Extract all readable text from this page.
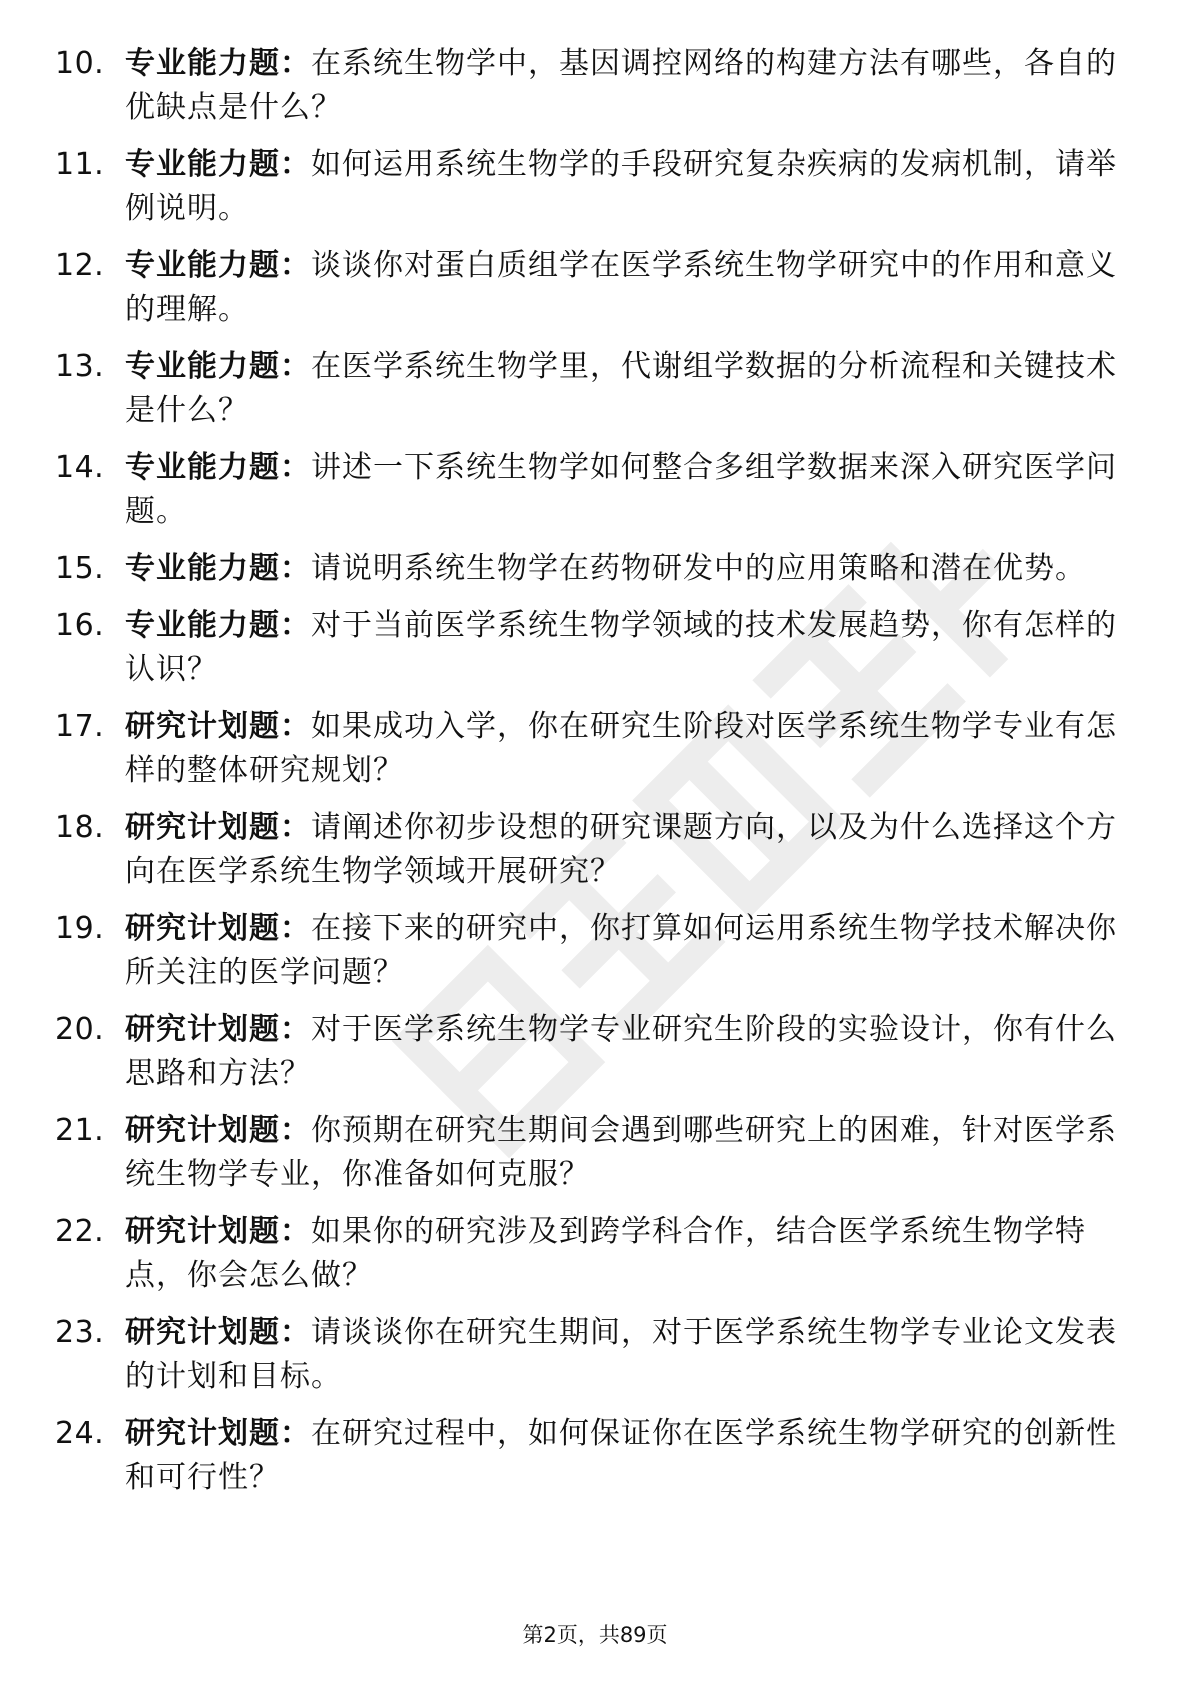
10. 专业能力题：在系统生物学中，基因调控网络的构建方法有哪些，各自的优缺点是什么？
11. 专业能力题：如何运用系统生物学的手段研究复杂疾病的发病机制，请举例说明。
12. 专业能力题：谈谈你对蛋白质组学在医学系统生物学研究中的作用和意义的理解。
13. 专业能力题：在医学系统生物学里，代谢组学数据的分析流程和关键技术是什么？
14. 专业能力题：讲述一下系统生物学如何整合多组学数据来深入研究医学问题。
15. 专业能力题：请说明系统生物学在药物研发中的应用策略和潜在优势。
16. 专业能力题：对于当前医学系统生物学领域的技术发展趋势，你有怎样的认识？
17. 研究计划题：如果成功入学，你在研究生阶段对医学系统生物学专业有怎样的整体研究规划？
18. 研究计划题：请阐述你初步设想的研究课题方向，以及为什么选择这个方向在医学系统生物学领域开展研究？
19. 研究计划题：在接下来的研究中，你打算如何运用系统生物学技术解决你所关注的医学问题？
20. 研究计划题：对于医学系统生物学专业研究生阶段的实验设计，你有什么思路和方法？
21. 研究计划题：你预期在研究生期间会遇到哪些研究上的困难，针对医学系统生物学专业，你准备如何克服？
22. 研究计划题：如果你的研究涉及到跨学科合作，结合医学系统生物学特点，你会怎么做？
23. 研究计划题：请谈谈你在研究生期间，对于医学系统生物学专业论文发表的计划和目标。
24. 研究计划题：在研究过程中，如何保证你在医学系统生物学研究的创新性和可行性？
第2页，共89页
